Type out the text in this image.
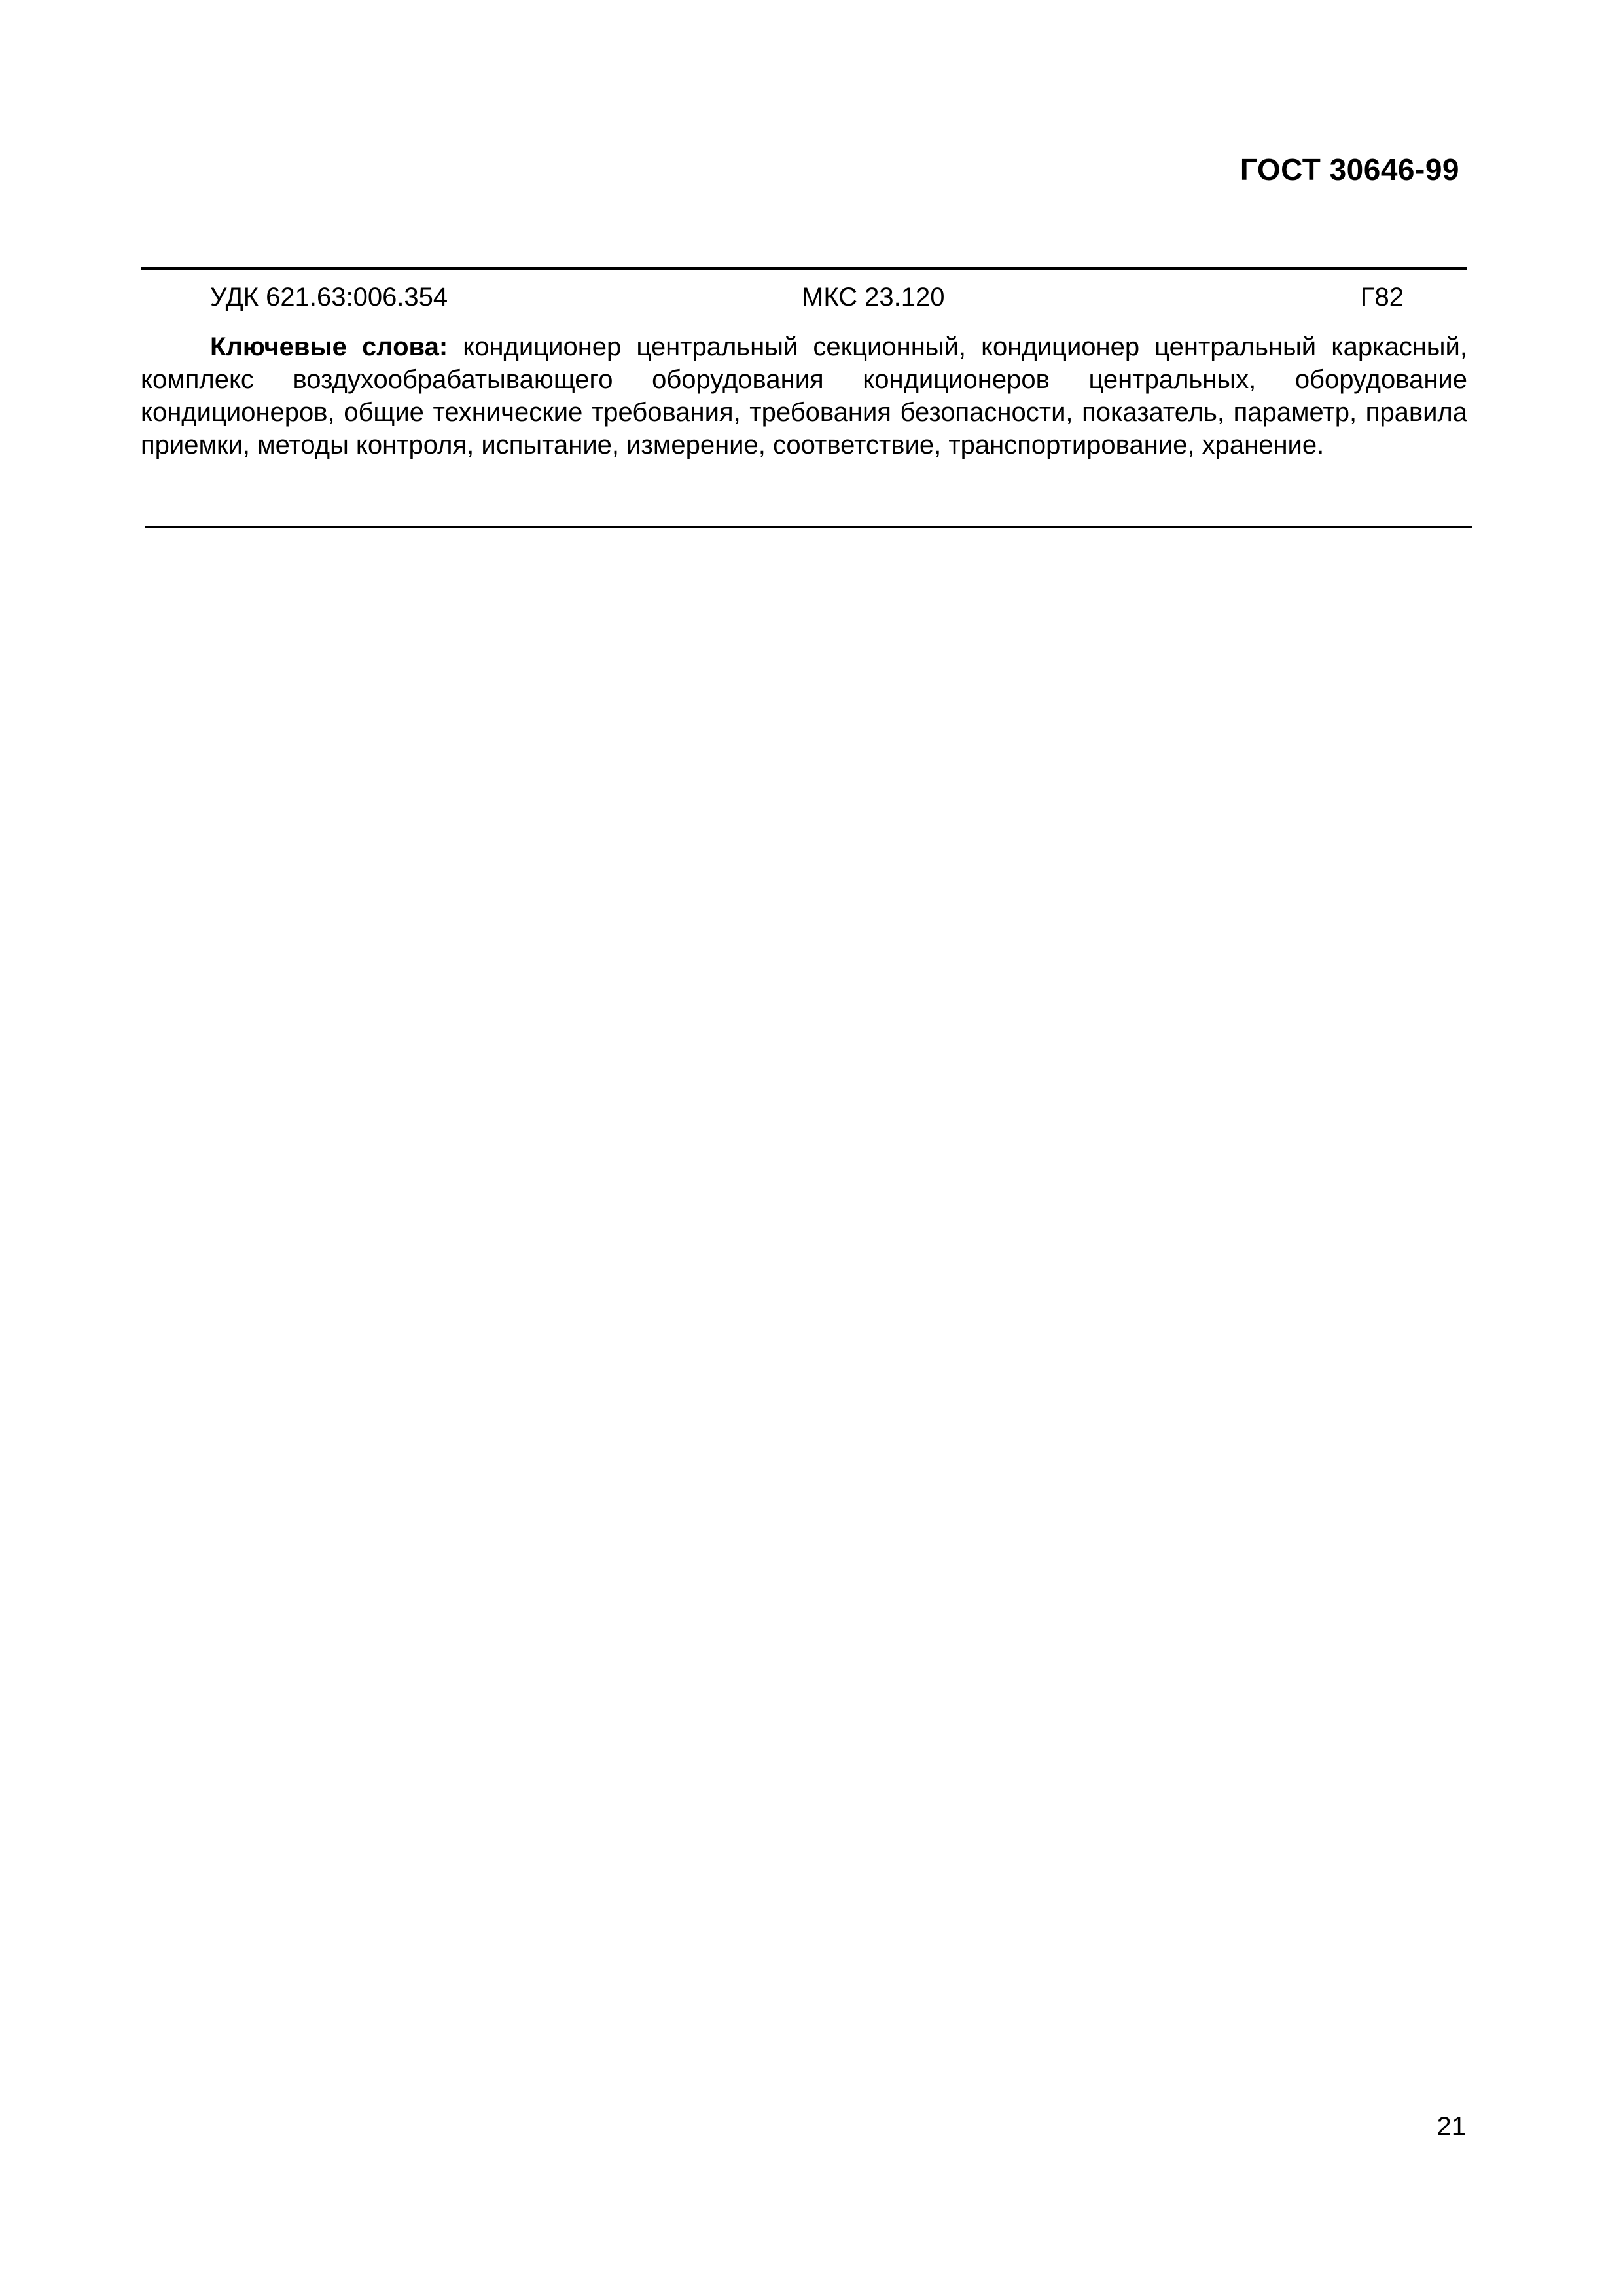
ГОСТ 30646-99
УДК 621.63:006.354	МКС 23.120	Г82

Ключевые слова: кондиционер центральный секционный, кондиционер центральный каркасный, комплекс воздухообрабатывающего оборудования кондиционеров центральных, оборудование кондиционеров, общие технические требования, требования безопасности, показатель, параметр, правила приемки, методы контроля, испытание, измерение, соответствие, транспортирование, хранение.

21
